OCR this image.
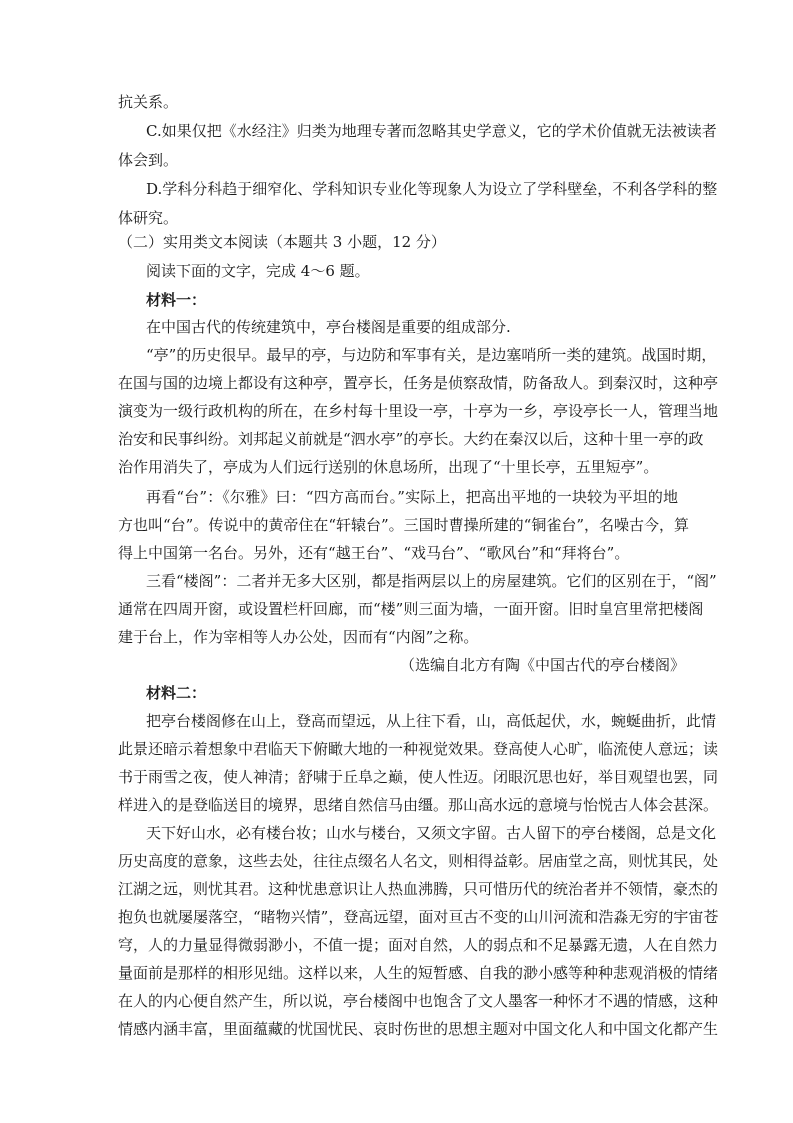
抗关系。
C.如果仅把《水经注》归类为地理专著而忽略其史学意义，它的学术价值就无法被读者
体会到。
D.学科分科趋于细窄化、学科知识专业化等现象人为设立了学科壁垒，不利各学科的整
体研究。
（二）实用类文本阅读（本题共 3 小题，12 分）
阅读下面的文字，完成 4～6 题。
材料一：
在中国古代的传统建筑中，亭台楼阁是重要的组成部分.
“亭”的历史很早。最早的亭，与边防和军事有关，是边塞哨所一类的建筑。战国时期，
在国与国的边境上都设有这种亭，置亭长，任务是侦察敌情，防备敌人。到秦汉时，这种亭
演变为一级行政机构的所在，在乡村每十里设一亭，十亭为一乡，亭设亭长一人，管理当地
治安和民事纠纷。刘邦起义前就是“泗水亭”的亭长。大约在秦汉以后，这种十里一亭的政
治作用消失了，亭成为人们远行送别的休息场所，出现了“十里长亭，五里短亭”。
再看“台”：《尔雅》曰：“四方高而台。”实际上，把高出平地的一块较为平坦的地
方也叫“台”。传说中的黄帝住在“轩辕台”。三国时曹操所建的“铜雀台”，名噪古今，算
得上中国第一名台。另外，还有“越王台”、“戏马台”、“歌风台”和“拜将台”。
三看“楼阁”：二者并无多大区别，都是指两层以上的房屋建筑。它们的区别在于，“阁”
通常在四周开窗，或设置栏杆回廊，而“楼”则三面为墙，一面开窗。旧时皇宫里常把楼阁
建于台上，作为宰相等人办公处，因而有“内阁”之称。
（选编自北方有陶《中国古代的亭台楼阁》
材料二：
把亭台楼阁修在山上，登高而望远，从上往下看，山，高低起伏，水，蜿蜒曲折，此情
此景还暗示着想象中君临天下俯瞰大地的一种视觉效果。登高使人心旷，临流使人意远；读
书于雨雪之夜，使人神清；舒啸于丘阜之巅，使人性迈。闭眼沉思也好，举目观望也罢，同
样进入的是登临送目的境界，思绪自然信马由缰。那山高水远的意境与怡悦古人体会甚深。
天下好山水，必有楼台妆；山水与楼台，又须文字留。古人留下的亭台楼阁，总是文化
历史高度的意象，这些去处，往往点缀名人名文，则相得益彰。居庙堂之高，则忧其民，处
江湖之远，则忧其君。这种忧患意识让人热血沸腾，只可惜历代的统治者并不领情，豪杰的
抱负也就屡屡落空，“睹物兴情”，登高远望，面对亘古不变的山川河流和浩淼无穷的宇宙苍
穹，人的力量显得微弱渺小，不值一提；面对自然，人的弱点和不足暴露无遗，人在自然力
量面前是那样的相形见绌。这样以来，人生的短暂感、自我的渺小感等种种悲观消极的情绪
在人的内心便自然产生，所以说，亭台楼阁中也饱含了文人墨客一种怀才不遇的情感，这种
情感内涵丰富，里面蕴藏的忧国忧民、哀时伤世的思想主题对中国文化人和中国文化都产生
